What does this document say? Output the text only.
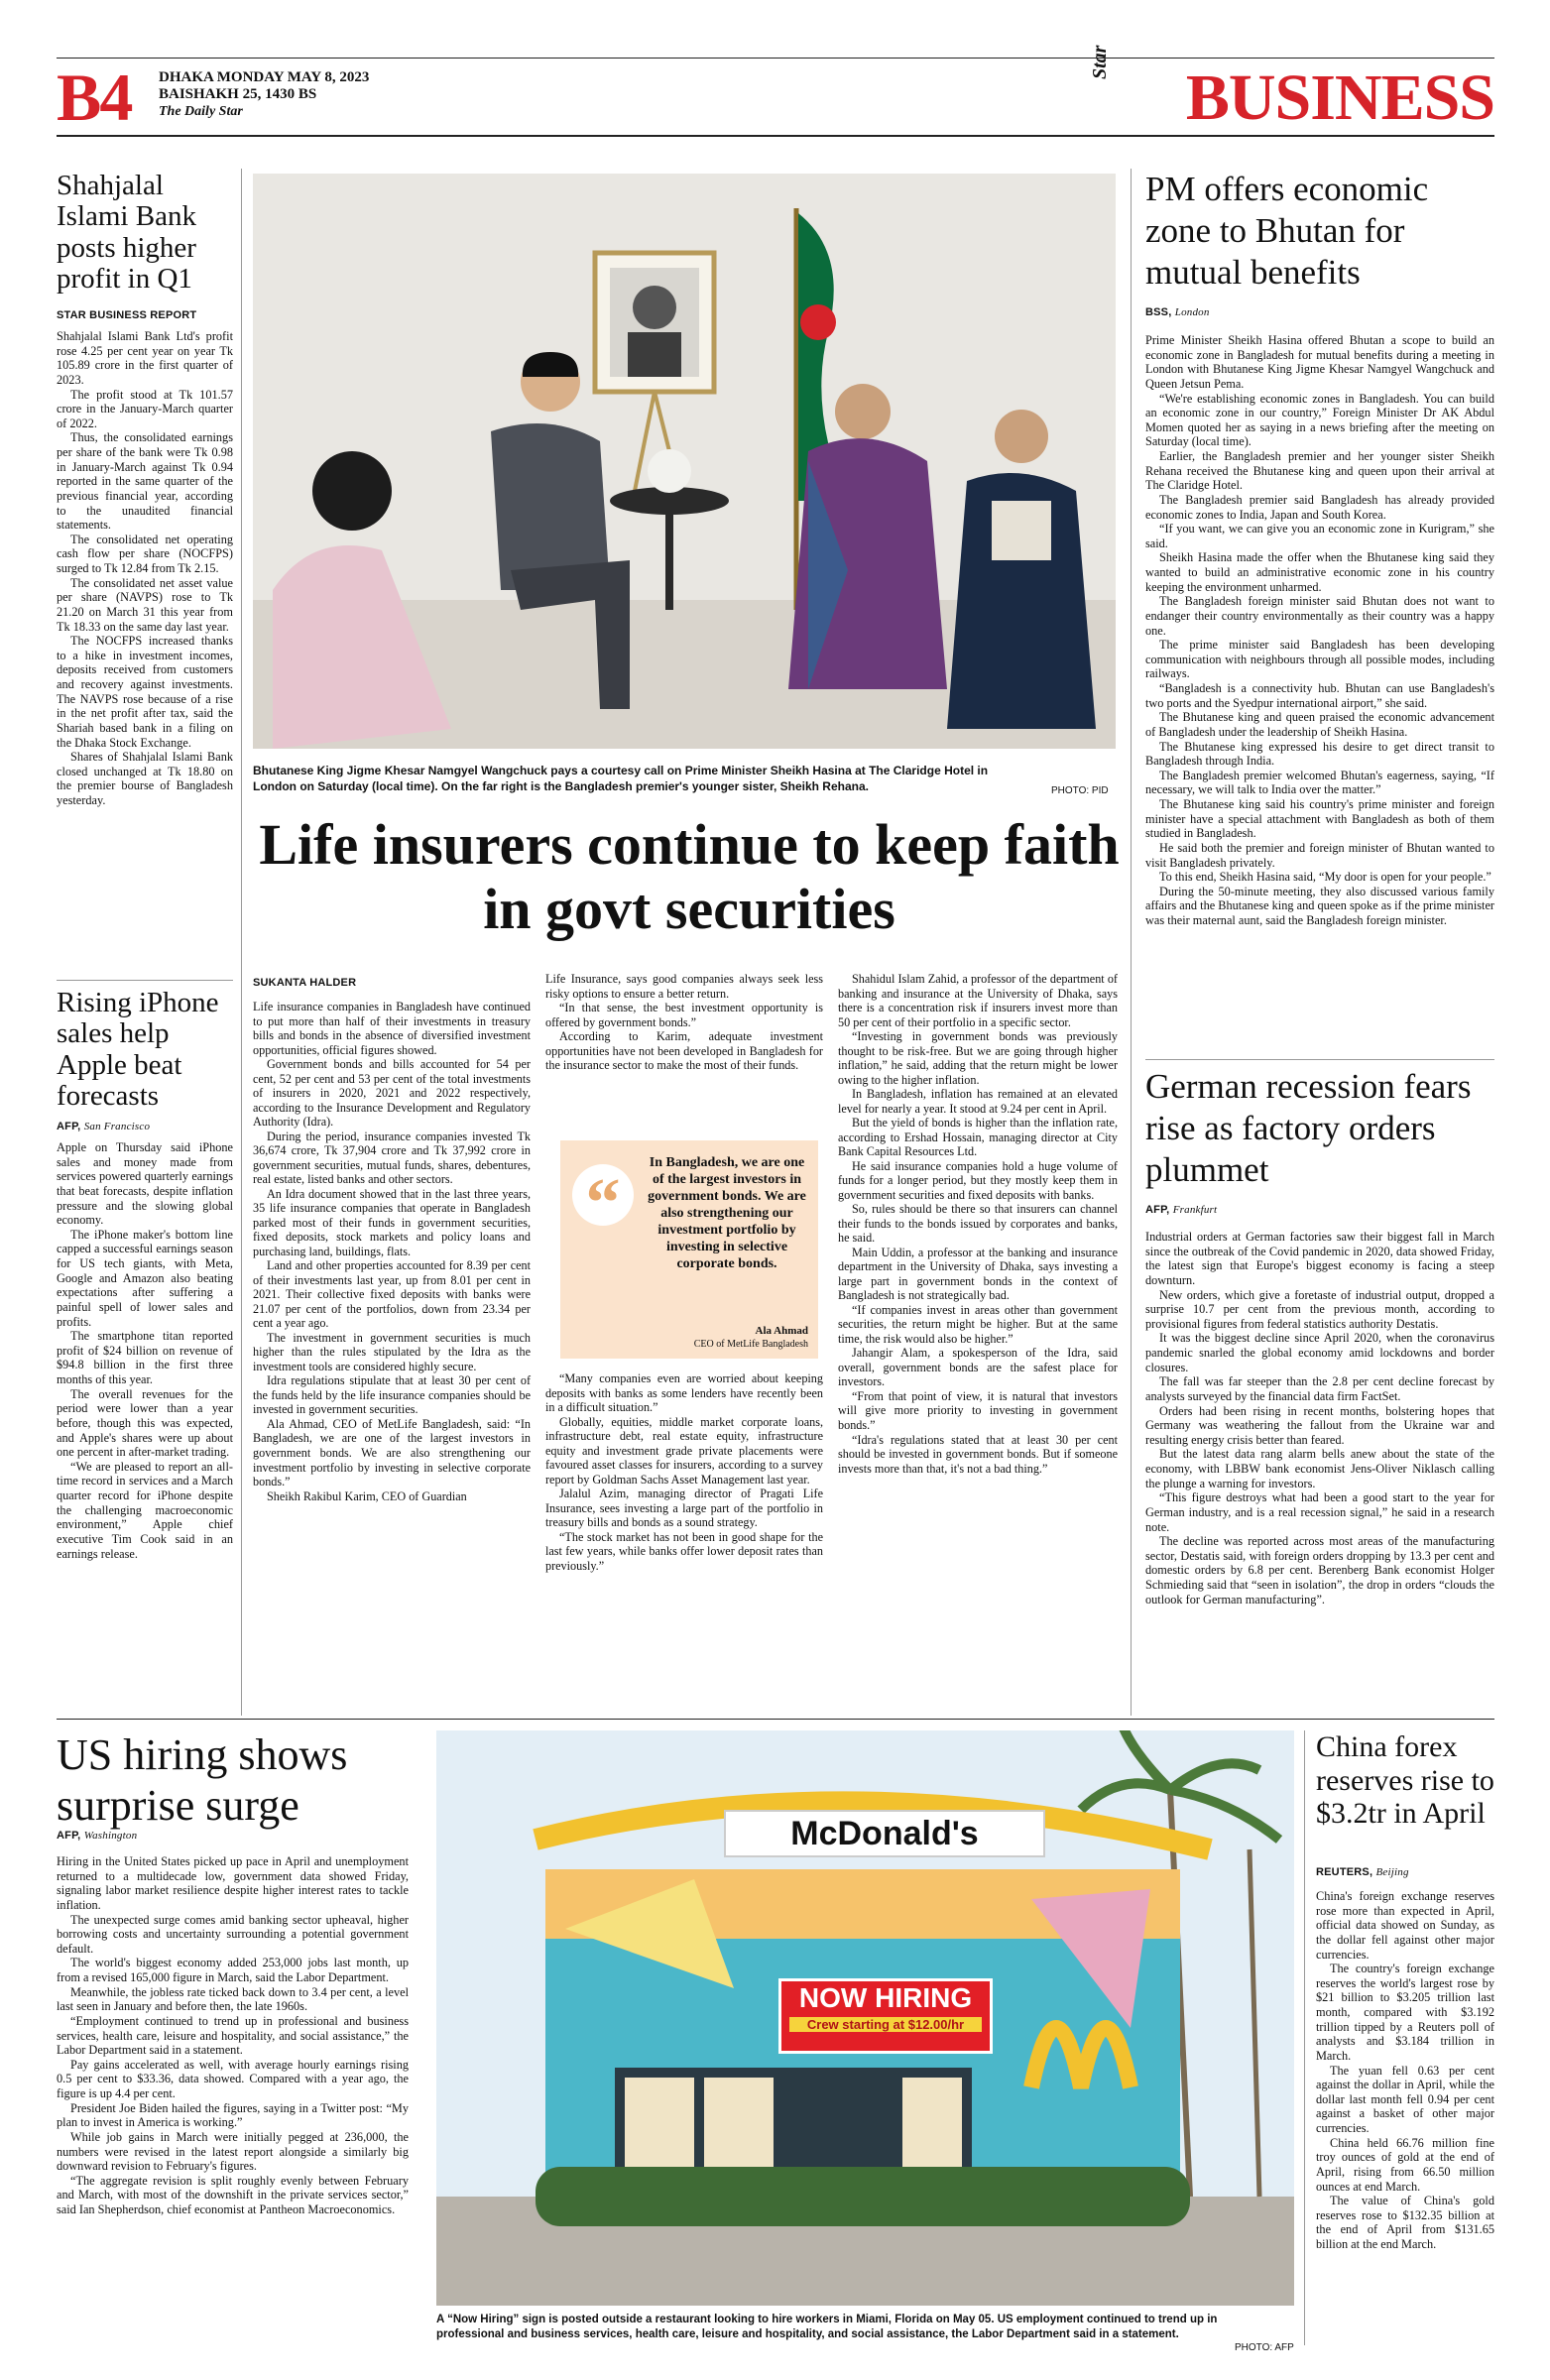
B4 DHAKA MONDAY MAY 8, 2023
BAISHAKH 25, 1430 BS
The Daily Star
Star BUSINESS
Shahjalal Islami Bank posts higher profit in Q1
STAR BUSINESS REPORT

Shahjalal Islami Bank Ltd's profit rose 4.25 per cent year on year Tk 105.89 crore in the first quarter of 2023.

The profit stood at Tk 101.57 crore in the January-March quarter of 2022.

Thus, the consolidated earnings per share of the bank were Tk 0.98 in January-March against Tk 0.94 reported in the same quarter of the previous financial year, according to the unaudited financial statements.

The consolidated net operating cash flow per share (NOCFPS) surged to Tk 12.84 from Tk 2.15.

The consolidated net asset value per share (NAVPS) rose to Tk 21.20 on March 31 this year from Tk 18.33 on the same day last year.

The NOCFPS increased thanks to a hike in investment incomes, deposits received from customers and recovery against investments. The NAVPS rose because of a rise in the net profit after tax, said the Shariah based bank in a filing on the Dhaka Stock Exchange.

Shares of Shahjalal Islami Bank closed unchanged at Tk 18.80 on the premier bourse of Bangladesh yesterday.

Rising iPhone sales help Apple beat forecasts
AFP, San Francisco

Apple on Thursday said iPhone sales and money made from services powered quarterly earnings that beat forecasts, despite inflation pressure and the slowing global economy.

The iPhone maker's bottom line capped a successful earnings season for US tech giants, with Meta, Google and Amazon also beating expectations after suffering a painful spell of lower sales and profits.

The smartphone titan reported profit of $24 billion on revenue of $94.8 billion in the first three months of this year.

The overall revenues for the period were lower than a year before, though this was expected, and Apple's shares were up about one percent in after-market trading.

“We are pleased to report an all-time record in services and a March quarter record for iPhone despite the challenging macroeconomic environment,” Apple chief executive Tim Cook said in an earnings release.

Bhutanese King Jigme Khesar Namgyel Wangchuck pays a courtesy call on Prime Minister Sheikh Hasina at The Claridge Hotel in London on Saturday (local time). On the far right is the Bangladesh premier's younger sister, Sheikh Rehana.	PHOTO: PID
Life insurers continue to keep faith in govt securities
SUKANTA HALDER

Life insurance companies in Bangladesh have continued to put more than half of their investments in treasury bills and bonds in the absence of diversified investment opportunities, official figures showed.

Government bonds and bills accounted for 54 per cent, 52 per cent and 53 per cent of the total investments of insurers in 2020, 2021 and 2022 respectively, according to the Insurance Development and Regulatory Authority (Idra).

During the period, insurance companies invested Tk 36,674 crore, Tk 37,904 crore and Tk 37,992 crore in government securities, mutual funds, shares, debentures, real estate, listed banks and other sectors.

An Idra document showed that in the last three years, 35 life insurance companies that operate in Bangladesh parked most of their funds in government securities, fixed deposits, stock markets and policy loans and purchasing land, buildings, flats.

Land and other properties accounted for 8.39 per cent of their investments last year, up from 8.01 per cent in 2021. Their collective fixed deposits with banks were 21.07 per cent of the portfolios, down from 23.34 per cent a year ago.

The investment in government securities is much higher than the rules stipulated by the Idra as the investment tools are considered highly secure.

Idra regulations stipulate that at least 30 per cent of the funds held by the life insurance companies should be invested in government securities.

Ala Ahmad, CEO of MetLife Bangladesh, said: “In Bangladesh, we are one of the largest investors in government bonds. We are also strengthening our investment portfolio by investing in selective corporate bonds.”

Sheikh Rakibul Karim, CEO of Guardian

Life Insurance, says good companies always seek less risky options to ensure a better return.

“In that sense, the best investment opportunity is offered by government bonds.”

According to Karim, adequate investment opportunities have not been developed in Bangladesh for the insurance sector to make the most of their funds.

“
In Bangladesh, we are one of the largest investors in government bonds. We are also strengthening our investment portfolio by investing in selective corporate bonds.
Ala Ahmad
CEO of MetLife Bangladesh

“Many companies even are worried about keeping deposits with banks as some lenders have recently been in a difficult situation.”

Globally, equities, middle market corporate loans, infrastructure debt, real estate equity, infrastructure equity and investment grade private placements were favoured asset classes for insurers, according to a survey report by Goldman Sachs Asset Management last year.

Jalalul Azim, managing director of Pragati Life Insurance, sees investing a large part of the portfolio in treasury bills and bonds as a sound strategy.

“The stock market has not been in good shape for the last few years, while banks offer lower deposit rates than previously.”

Shahidul Islam Zahid, a professor of the department of banking and insurance at the University of Dhaka, says there is a concentration risk if insurers invest more than 50 per cent of their portfolio in a specific sector.

“Investing in government bonds was previously thought to be risk-free. But we are going through higher inflation,” he said, adding that the return might be lower owing to the higher inflation.

In Bangladesh, inflation has remained at an elevated level for nearly a year. It stood at 9.24 per cent in April.

But the yield of bonds is higher than the inflation rate, according to Ershad Hossain, managing director at City Bank Capital Resources Ltd.

He said insurance companies hold a huge volume of funds for a longer period, but they mostly keep them in government securities and fixed deposits with banks.

So, rules should be there so that insurers can channel their funds to the bonds issued by corporates and banks, he said.

Main Uddin, a professor at the banking and insurance department in the University of Dhaka, says investing a large part in government bonds in the context of Bangladesh is not strategically bad.

“If companies invest in areas other than government securities, the return might be higher. But at the same time, the risk would also be higher.”

Jahangir Alam, a spokesperson of the Idra, said overall, government bonds are the safest place for investors.

“From that point of view, it is natural that investors will give more priority to investing in government bonds.”

“Idra's regulations stated that at least 30 per cent should be invested in government bonds. But if someone invests more than that, it's not a bad thing.”

PM offers economic zone to Bhutan for mutual benefits
BSS, London

Prime Minister Sheikh Hasina offered Bhutan a scope to build an economic zone in Bangladesh for mutual benefits during a meeting in London with Bhutanese King Jigme Khesar Namgyel Wangchuck and Queen Jetsun Pema.

“We're establishing economic zones in Bangladesh. You can build an economic zone in our country,” Foreign Minister Dr AK Abdul Momen quoted her as saying in a news briefing after the meeting on Saturday (local time).

Earlier, the Bangladesh premier and her younger sister Sheikh Rehana received the Bhutanese king and queen upon their arrival at The Claridge Hotel.

The Bangladesh premier said Bangladesh has already provided economic zones to India, Japan and South Korea.

“If you want, we can give you an economic zone in Kurigram,” she said.

Sheikh Hasina made the offer when the Bhutanese king said they wanted to build an administrative economic zone in his country keeping the environment unharmed.

The Bangladesh foreign minister said Bhutan does not want to endanger their country environmentally as their country was a happy one.

The prime minister said Bangladesh has been developing communication with neighbours through all possible modes, including railways.

“Bangladesh is a connectivity hub. Bhutan can use Bangladesh's two ports and the Syedpur international airport,” she said.

The Bhutanese king and queen praised the economic advancement of Bangladesh under the leadership of Sheikh Hasina.

The Bhutanese king expressed his desire to get direct transit to Bangladesh through India.

The Bangladesh premier welcomed Bhutan's eagerness, saying, “If necessary, we will talk to India over the matter.”

The Bhutanese king said his country's prime minister and foreign minister have a special attachment with Bangladesh as both of them studied in Bangladesh.

He said both the premier and foreign minister of Bhutan wanted to visit Bangladesh privately.

To this end, Sheikh Hasina said, “My door is open for your people.”

During the 50-minute meeting, they also discussed various family affairs and the Bhutanese king and queen spoke as if the prime minister was their maternal aunt, said the Bangladesh foreign minister.

German recession fears rise as factory orders plummet
AFP, Frankfurt

Industrial orders at German factories saw their biggest fall in March since the outbreak of the Covid pandemic in 2020, data showed Friday, the latest sign that Europe's biggest economy is facing a steep downturn.

New orders, which give a foretaste of industrial output, dropped a surprise 10.7 per cent from the previous month, according to provisional figures from federal statistics authority Destatis.

It was the biggest decline since April 2020, when the coronavirus pandemic snarled the global economy amid lockdowns and border closures.

The fall was far steeper than the 2.8 per cent decline forecast by analysts surveyed by the financial data firm FactSet.

Orders had been rising in recent months, bolstering hopes that Germany was weathering the fallout from the Ukraine war and resulting energy crisis better than feared.

But the latest data rang alarm bells anew about the state of the economy, with LBBW bank economist Jens-Oliver Niklasch calling the plunge a warning for investors.

“This figure destroys what had been a good start to the year for German industry, and is a real recession signal,” he said in a research note.

The decline was reported across most areas of the manufacturing sector, Destatis said, with foreign orders dropping by 13.3 per cent and domestic orders by 6.8 per cent. Berenberg Bank economist Holger Schmieding said that “seen in isolation”, the drop in orders “clouds the outlook for German manufacturing”.

US hiring shows surprise surge
AFP, Washington

Hiring in the United States picked up pace in April and unemployment returned to a multidecade low, government data showed Friday, signaling labor market resilience despite higher interest rates to tackle inflation.

The unexpected surge comes amid banking sector upheaval, higher borrowing costs and uncertainty surrounding a potential government default.

The world's biggest economy added 253,000 jobs last month, up from a revised 165,000 figure in March, said the Labor Department.

Meanwhile, the jobless rate ticked back down to 3.4 per cent, a level last seen in January and before then, the late 1960s.

“Employment continued to trend up in professional and business services, health care, leisure and hospitality, and social assistance,” the Labor Department said in a statement.

Pay gains accelerated as well, with average hourly earnings rising 0.5 per cent to $33.36, data showed. Compared with a year ago, the figure is up 4.4 per cent.

President Joe Biden hailed the figures, saying in a Twitter post: “My plan to invest in America is working.”

While job gains in March were initially pegged at 236,000, the numbers were revised in the latest report alongside a similarly big downward revision to February's figures.

“The aggregate revision is split roughly evenly between February and March, with most of the downshift in the private services sector,” said Ian Shepherdson, chief economist at Pantheon Macroeconomics.

McDonald's
NOW HIRING
Crew starting at $12.00/hr
A “Now Hiring” sign is posted outside a restaurant looking to hire workers in Miami, Florida on May 05. US employment continued to trend up in professional and business services, health care, leisure and hospitality, and social assistance, the Labor Department said in a statement.
PHOTO: AFP
China forex reserves rise to $3.2tr in April
REUTERS, Beijing

China's foreign exchange reserves rose more than expected in April, official data showed on Sunday, as the dollar fell against other major currencies.

The country's foreign exchange reserves the world's largest rose by $21 billion to $3.205 trillion last month, compared with $3.192 trillion tipped by a Reuters poll of analysts and $3.184 trillion in March.

The yuan fell 0.63 per cent against the dollar in April, while the dollar last month fell 0.94 per cent against a basket of other major currencies.

China held 66.76 million fine troy ounces of gold at the end of April, rising from 66.50 million ounces at end March.

The value of China's gold reserves rose to $132.35 billion at the end of April from $131.65 billion at the end March.
